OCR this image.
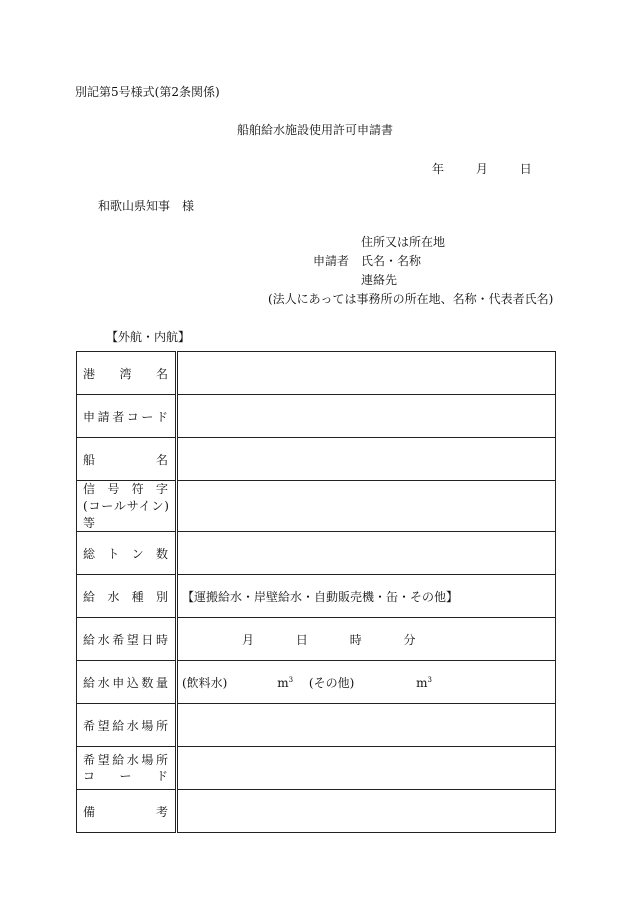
別記第5号様式(第2条関係)
船舶給水施設使用許可申請書
年	月	日
和歌山県知事　様
住所又は所在地
申請者 氏名・名称
連絡先
(法人にあっては事務所の所在地、名称・代表者氏名)
【外航・内航】
港湾名	

申請者コード	

船名	

信号符字
(コールサイン)等	

総トン数	

給水種別	【運搬給水・岸壁給水・自動販売機・缶・その他】

給水希望日時	月 日 時 分

給水申込数量	(飲料水) $m^3$ (その他) $m^3$

希望給水場所	

希望給水場所
コード	

備考	
